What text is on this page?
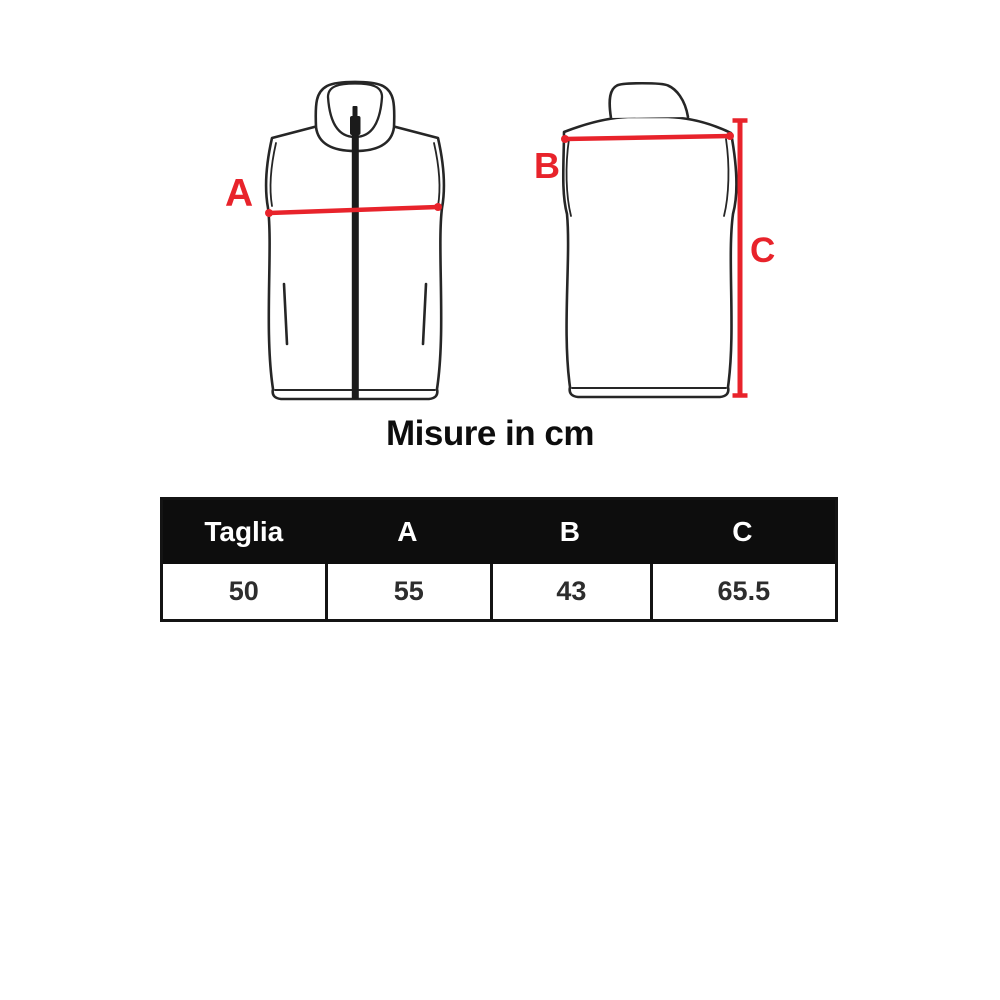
A
B
C
Misure in cm
Taglia	A	B	C
50	55	43	65.5
